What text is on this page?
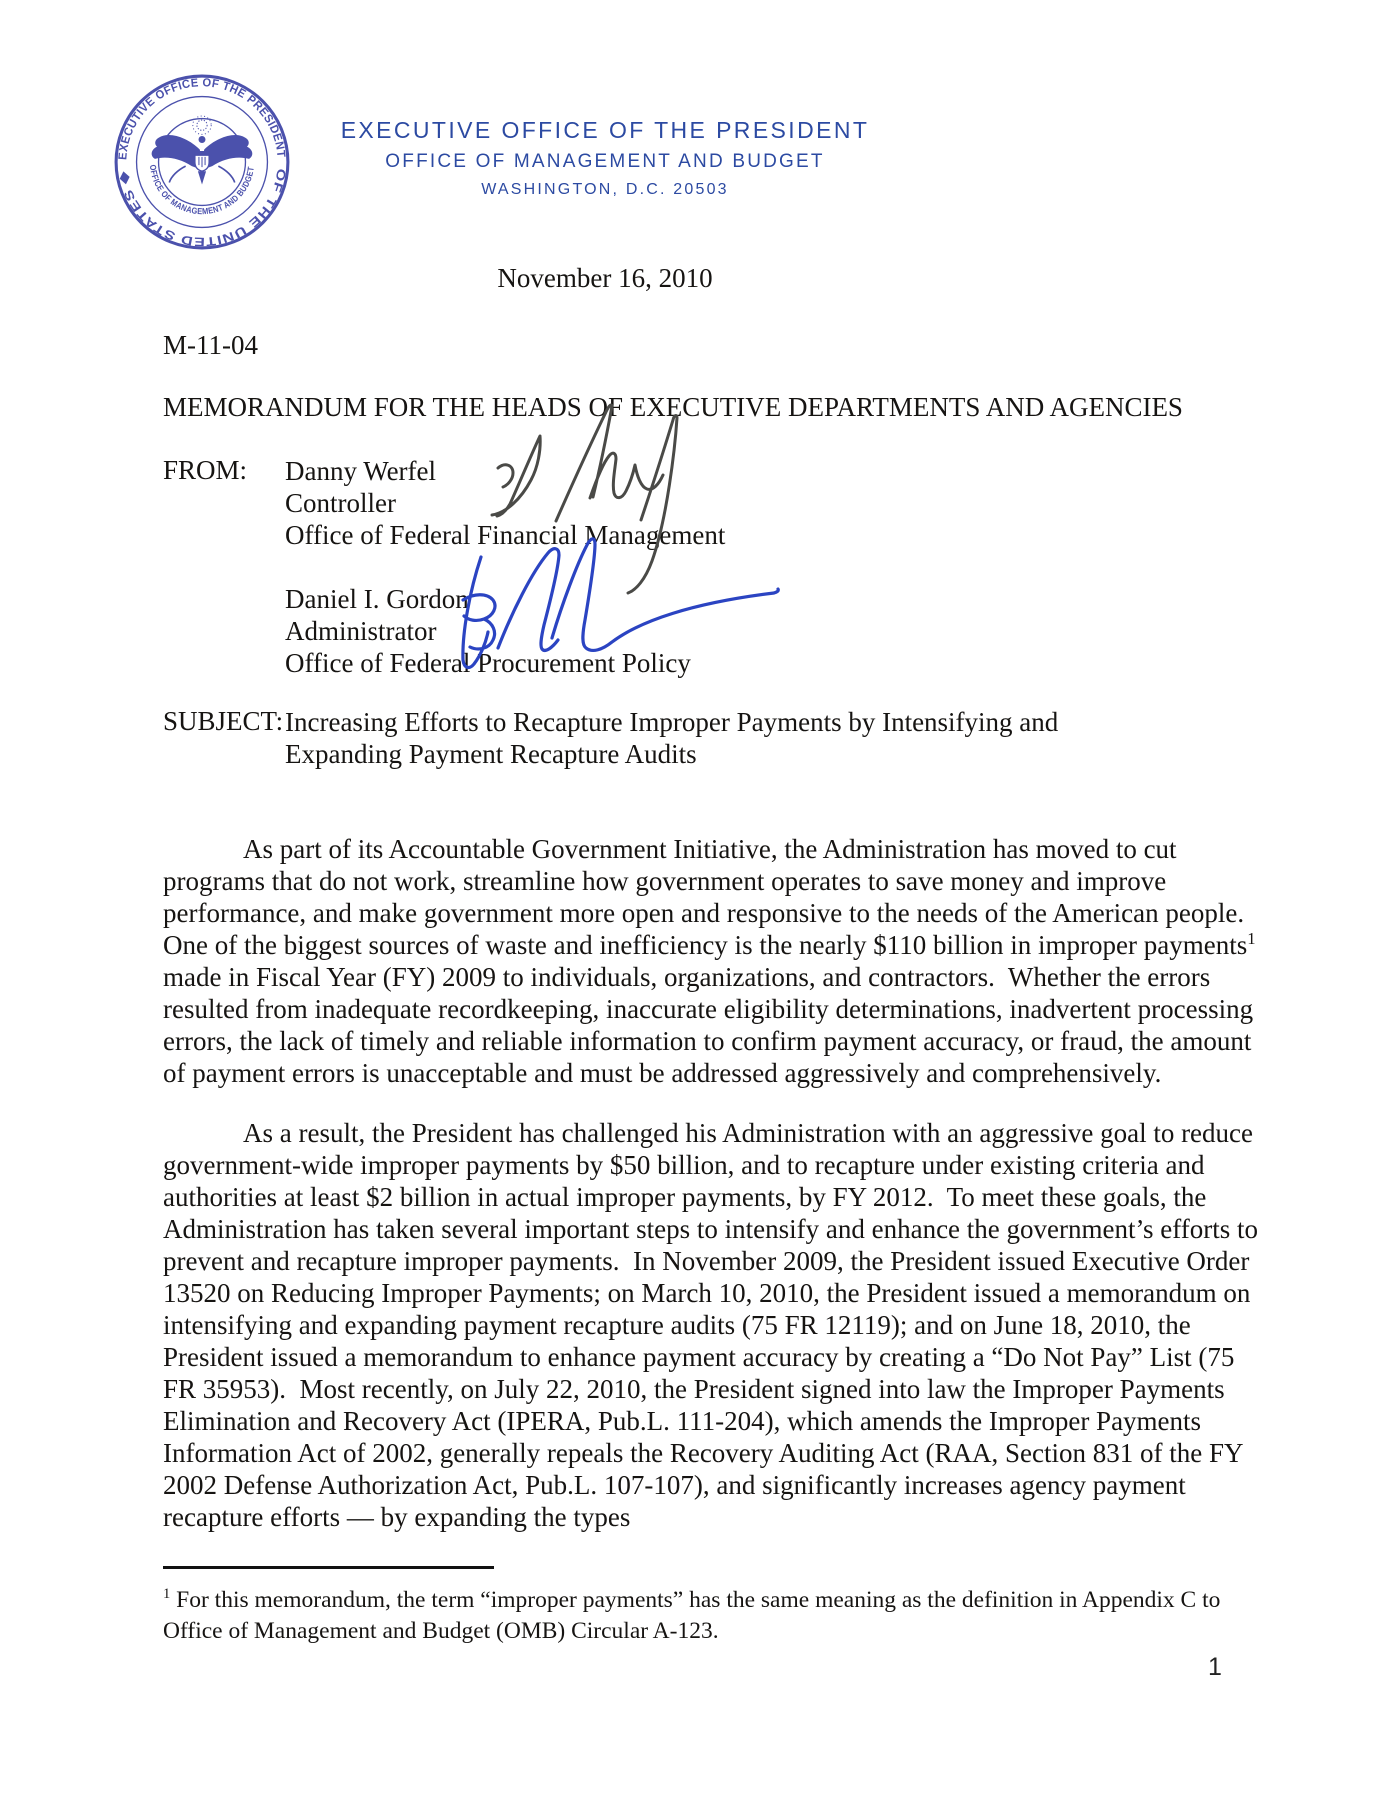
EXECUTIVE OFFICE OF THE PRESIDENT
OF THE UNITED STATES ◆
OFFICE OF MANAGEMENT AND BUDGET
EXECUTIVE OFFICE OF THE PRESIDENT
OFFICE OF MANAGEMENT AND BUDGET
WASHINGTON, D.C. 20503
November 16, 2010
M-11-04
MEMORANDUM FOR THE HEADS OF EXECUTIVE DEPARTMENTS AND AGENCIES
FROM: Danny Werfel
Controller
Office of Federal Financial Management
Daniel I. Gordon
Administrator
Office of Federal Procurement Policy
SUBJECT: Increasing Efforts to Recapture Improper Payments by Intensifying and Expanding Payment Recapture Audits

As part of its Accountable Government Initiative, the Administration has moved to cut programs that do not work, streamline how government operates to save money and improve performance, and make government more open and responsive to the needs of the American people.  One of the biggest sources of waste and inefficiency is the nearly $110 billion in improper payments$^1$ made in Fiscal Year (FY) 2009 to individuals, organizations, and contractors.  Whether the errors resulted from inadequate recordkeeping, inaccurate eligibility determinations, inadvertent processing errors, the lack of timely and reliable information to confirm payment accuracy, or fraud, the amount of payment errors is unacceptable and must be addressed aggressively and comprehensively.

As a result, the President has challenged his Administration with an aggressive goal to reduce government-wide improper payments by $50 billion, and to recapture under existing criteria and authorities at least $2 billion in actual improper payments, by FY 2012.  To meet these goals, the Administration has taken several important steps to intensify and enhance the government’s efforts to prevent and recapture improper payments.  In November 2009, the President issued Executive Order 13520 on Reducing Improper Payments; on March 10, 2010, the President issued a memorandum on intensifying and expanding payment recapture audits (75 FR 12119); and on June 18, 2010, the President issued a memorandum to enhance payment accuracy by creating a “Do Not Pay” List (75 FR 35953).  Most recently, on July 22, 2010, the President signed into law the Improper Payments Elimination and Recovery Act (IPERA, Pub.L. 111-204), which amends the Improper Payments Information Act of 2002, generally repeals the Recovery Auditing Act (RAA, Section 831 of the FY 2002 Defense Authorization Act, Pub.L. 107-107), and significantly increases agency payment recapture efforts — by expanding the types

$^1$ For this memorandum, the term “improper payments” has the same meaning as the definition in Appendix C to Office of Management and Budget (OMB) Circular A-123.
1
